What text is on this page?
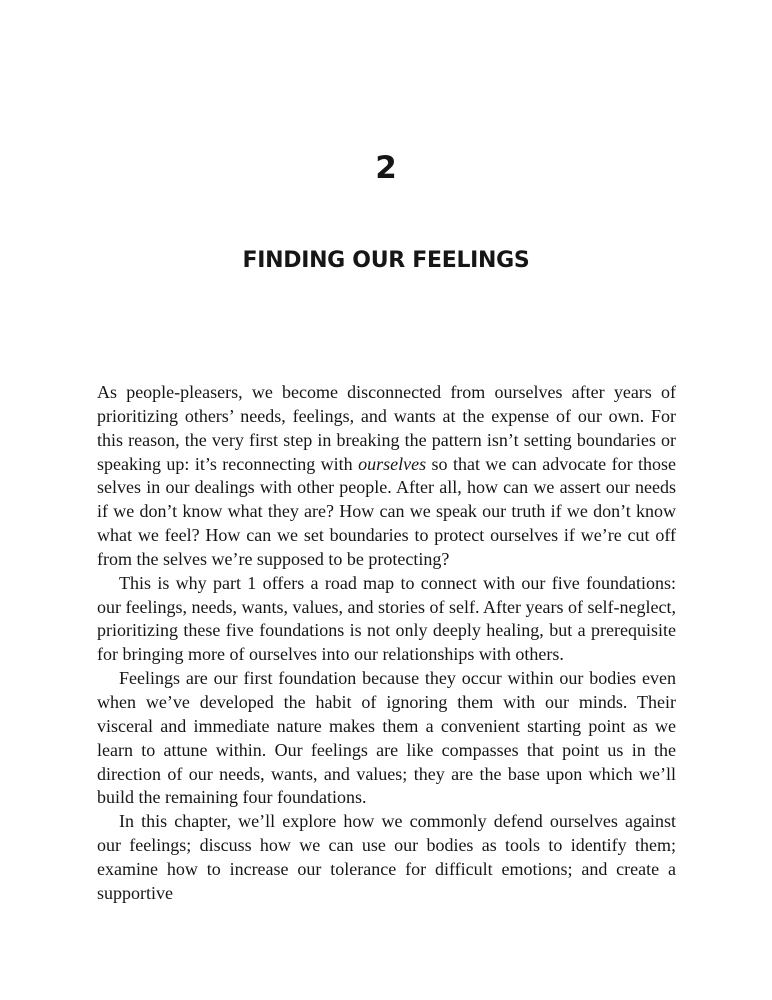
2
FINDING OUR FEELINGS

As people-pleasers, we become disconnected from ourselves after years of prioritizing others’ needs, feelings, and wants at the expense of our own. For this reason, the very first step in breaking the pattern isn’t setting boundaries or speaking up: it’s reconnecting with ourselves so that we can advocate for those selves in our dealings with other people. After all, how can we assert our needs if we don’t know what they are? How can we speak our truth if we don’t know what we feel? How can we set boundaries to protect ourselves if we’re cut off from the selves we’re supposed to be protecting?

This is why part 1 offers a road map to connect with our five foundations: our feelings, needs, wants, values, and stories of self. After years of self-neglect, prioritizing these five foundations is not only deeply healing, but a prerequisite for bringing more of ourselves into our relationships with others.

Feelings are our first foundation because they occur within our bodies even when we’ve developed the habit of ignoring them with our minds. Their visceral and immediate nature makes them a convenient starting point as we learn to attune within. Our feelings are like compasses that point us in the direction of our needs, wants, and values; they are the base upon which we’ll build the remaining four foundations.

In this chapter, we’ll explore how we commonly defend ourselves against our feelings; discuss how we can use our bodies as tools to identify them; examine how to increase our tolerance for difficult emotions; and create a supportive
